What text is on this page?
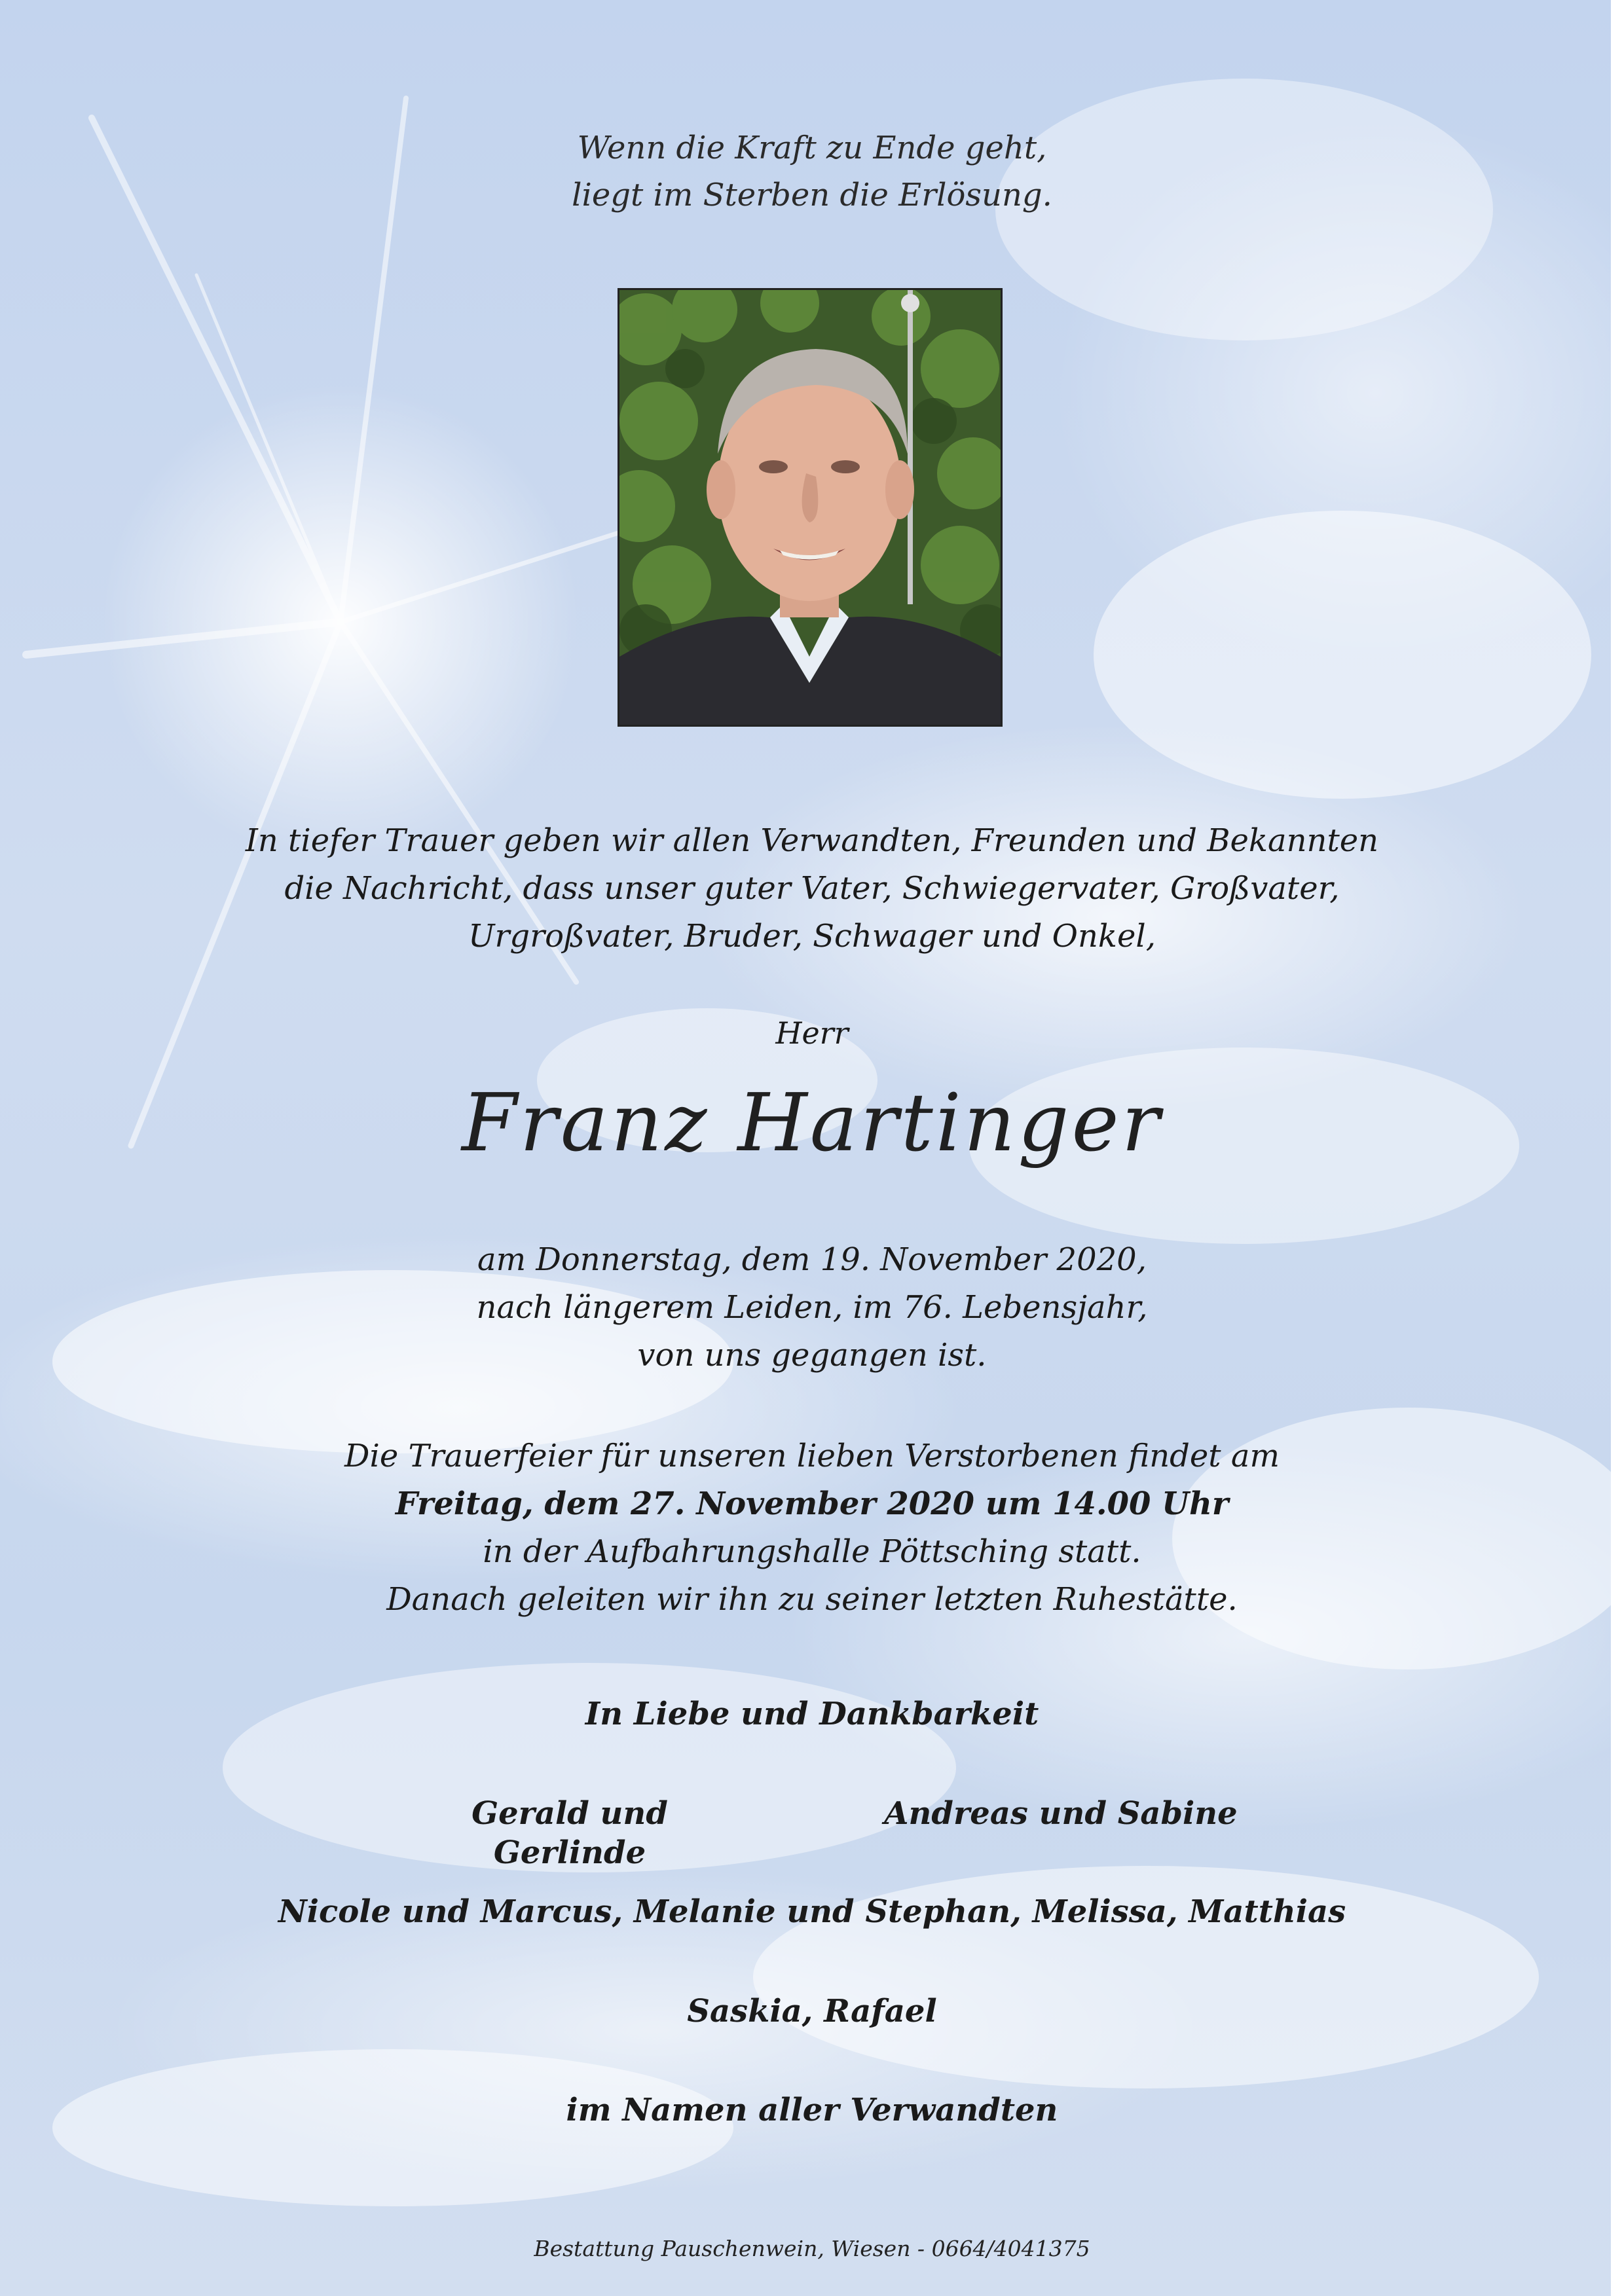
Wenn die Kraft zu Ende geht,
liegt im Sterben die Erlösung.
In tiefer Trauer geben wir allen Verwandten, Freunden und Bekannten
die Nachricht, dass unser guter Vater, Schwiegervater, Großvater,
Urgroßvater, Bruder, Schwager und Onkel,
Herr
Franz Hartinger
am Donnerstag, dem 19. November 2020,
nach längerem Leiden, im 76. Lebensjahr,
von uns gegangen ist.
Die Trauerfeier für unseren lieben Verstorbenen findet am
Freitag, dem 27. November 2020 um 14.00 Uhr
in der Aufbahrungshalle Pöttsching statt.
Danach geleiten wir ihn zu seiner letzten Ruhestätte.
In Liebe und Dankbarkeit
Gerald und Gerlinde
Andreas und Sabine
Nicole und Marcus, Melanie und Stephan, Melissa, Matthias
Saskia, Rafael
im Namen aller Verwandten
Bestattung Pauschenwein, Wiesen - 0664/4041375
